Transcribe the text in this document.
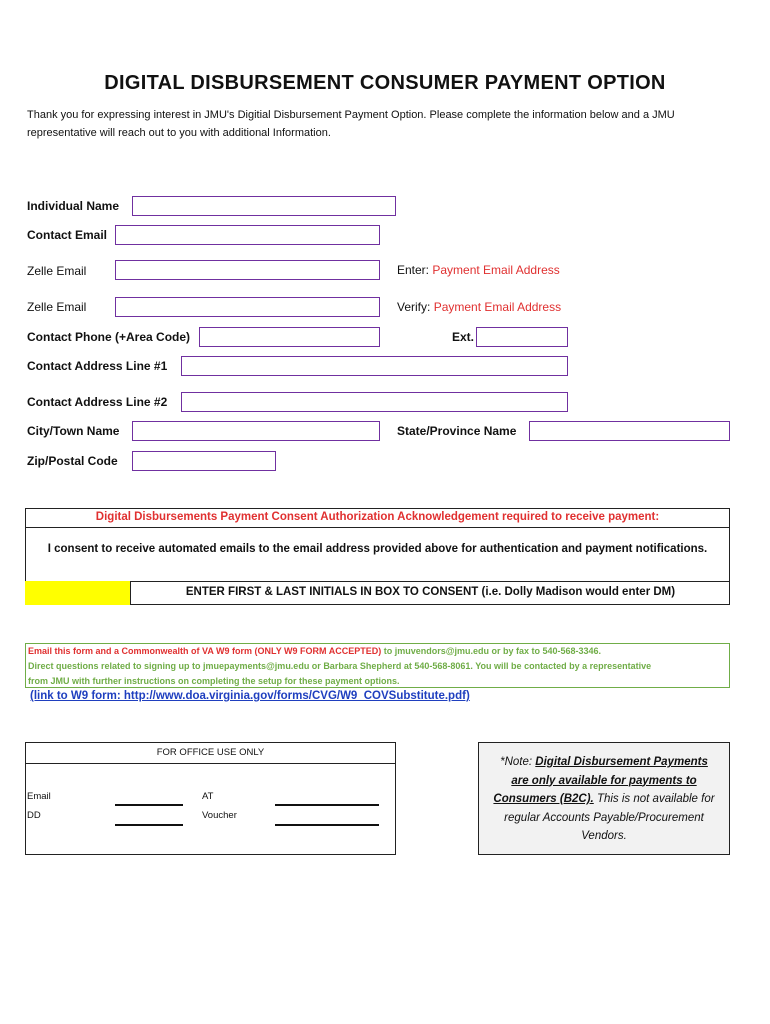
DIGITAL DISBURSEMENT CONSUMER PAYMENT OPTION
Thank you for expressing interest in JMU's Digitial Disbursement Payment Option. Please complete the information below and a JMU
representative will reach out to you with additional Information.
Individual Name
Contact Email
Zelle Email	Enter: Payment Email Address
Zelle Email	Verify: Payment Email Address
Contact Phone (+Area Code)	Ext.
Contact Address Line #1
Contact Address Line #2
City/Town Name	State/Province Name
Zip/Postal Code
Digital Disbursements Payment Consent Authorization Acknowledgement required to receive payment:
I consent to receive automated emails to the email address provided above for authentication and payment notifications.
ENTER FIRST & LAST INITIALS IN BOX TO CONSENT (i.e. Dolly Madison would enter DM)
Email this form and a Commonwealth of VA W9 form (ONLY W9 FORM ACCEPTED) to jmuvendors@jmu.edu or by fax to 540-568-3346.
Direct questions related to signing up to jmuepayments@jmu.edu or Barbara Shepherd at 540-568-8061. You will be contacted by a representative
from JMU with further instructions on completing the setup for these payment options.
(link to W9 form: http://www.doa.virginia.gov/forms/CVG/W9_COVSubstitute.pdf)
FOR OFFICE USE ONLY
Email	AT
DD	Voucher
*Note: Digital Disbursement Payments
are only available for payments to
Consumers (B2C). This is not available for
regular Accounts Payable/Procurement
Vendors.
